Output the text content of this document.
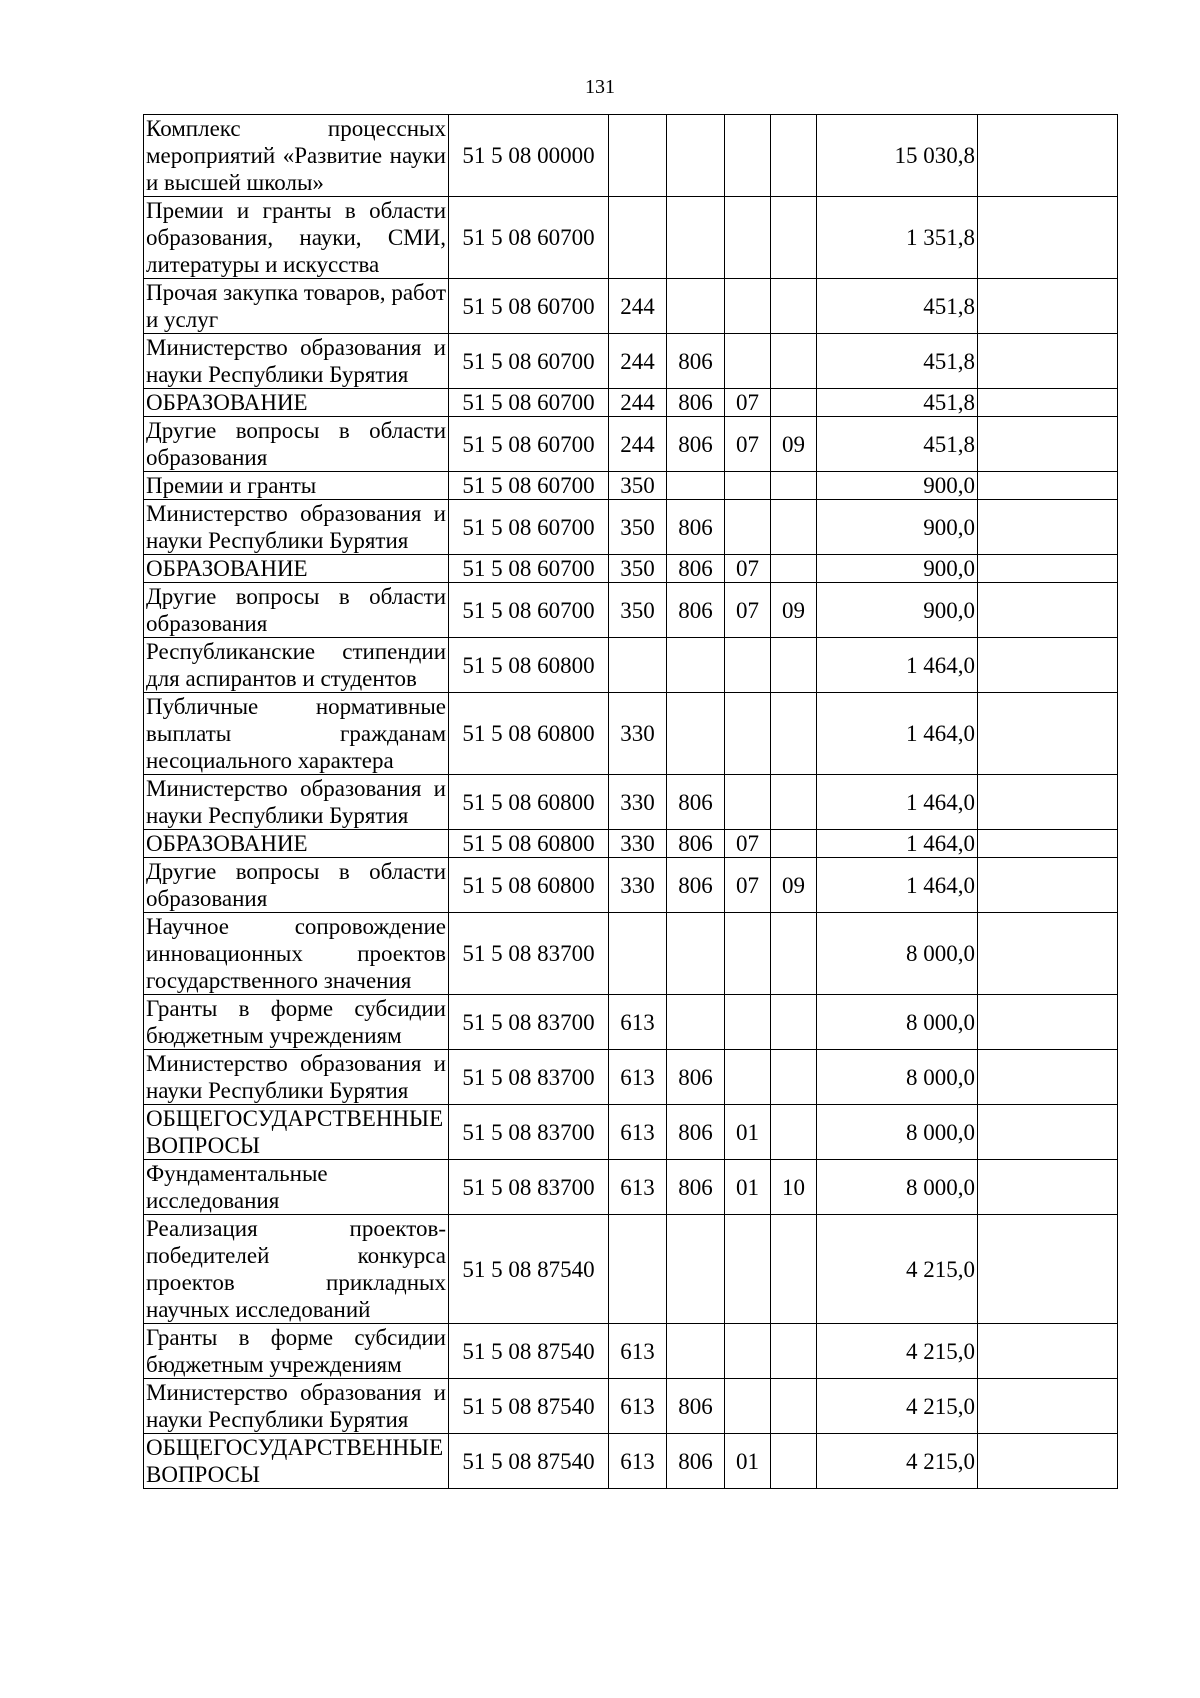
131
Комплекс процессных мероприятий «Развитие науки и высшей школы»	51 5 08 00000					15 030,8	
Премии и гранты в области образования, науки, СМИ, литературы и искусства	51 5 08 60700					1 351,8	
Прочая закупка товаров, работ и услуг	51 5 08 60700	244				451,8	
Министерство образования и науки Республики Бурятия	51 5 08 60700	244	806			451,8	
ОБРАЗОВАНИЕ	51 5 08 60700	244	806	07		451,8	
Другие вопросы в области образования	51 5 08 60700	244	806	07	09	451,8	
Премии и гранты	51 5 08 60700	350				900,0	
Министерство образования и науки Республики Бурятия	51 5 08 60700	350	806			900,0	
ОБРАЗОВАНИЕ	51 5 08 60700	350	806	07		900,0	
Другие вопросы в области образования	51 5 08 60700	350	806	07	09	900,0	
Республиканские стипендии для аспирантов и студентов	51 5 08 60800					1 464,0	
Публичные нормативные выплаты гражданам несоциального характера	51 5 08 60800	330				1 464,0	
Министерство образования и науки Республики Бурятия	51 5 08 60800	330	806			1 464,0	
ОБРАЗОВАНИЕ	51 5 08 60800	330	806	07		1 464,0	
Другие вопросы в области образования	51 5 08 60800	330	806	07	09	1 464,0	
Научное сопровождение инновационных проектов государственного значения	51 5 08 83700					8 000,0	
Гранты в форме субсидии бюджетным учреждениям	51 5 08 83700	613				8 000,0	
Министерство образования и науки Республики Бурятия	51 5 08 83700	613	806			8 000,0	
ОБЩЕГОСУДАРСТВЕННЫЕ ВОПРОСЫ	51 5 08 83700	613	806	01		8 000,0	
Фундаментальные исследования	51 5 08 83700	613	806	01	10	8 000,0	
Реализация проектов-победителей конкурса проектов прикладных научных исследований	51 5 08 87540					4 215,0	
Гранты в форме субсидии бюджетным учреждениям	51 5 08 87540	613				4 215,0	
Министерство образования и науки Республики Бурятия	51 5 08 87540	613	806			4 215,0	
ОБЩЕГОСУДАРСТВЕННЫЕ ВОПРОСЫ	51 5 08 87540	613	806	01		4 215,0	
